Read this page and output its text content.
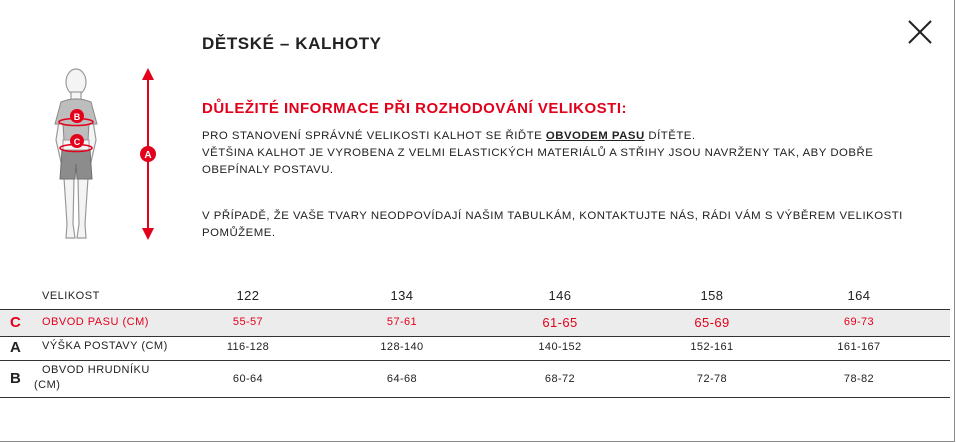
DĚTSKÉ – KALHOTY
B
C
A
DŮLEŽITÉ INFORMACE PŘI ROZHODOVÁNÍ VELIKOSTI:
PRO STANOVENÍ SPRÁVNÉ VELIKOSTI KALHOT SE ŘIĎTE OBVODEM PASU DÍTĚTE.
VĚTŠINA KALHOT JE VYROBENA Z VELMI ELASTICKÝCH MATERIÁLŮ A STŘIHY JSOU NAVRŽENY TAK, ABY DOBŘE OBEPÍNALY POSTAVU.
V PŘÍPADĚ, ŽE VAŠE TVARY NEODPOVÍDAJÍ NAŠIM TABULKÁM, KONTAKTUJTE NÁS, RÁDI VÁM S VÝBĚREM VELIKOSTI POMŮŽEME.
VELIKOST	122	134	146	158	164
C OBVOD PASU (CM)	55-57	57-61	61-65	65-69	69-73
A VÝŠKA POSTAVY (CM)	116-128	128-140	140-152	152-161	161-167
B	OBVOD HRUDNÍKU (CM)	60-64	64-68	68-72	72-78	78-82
